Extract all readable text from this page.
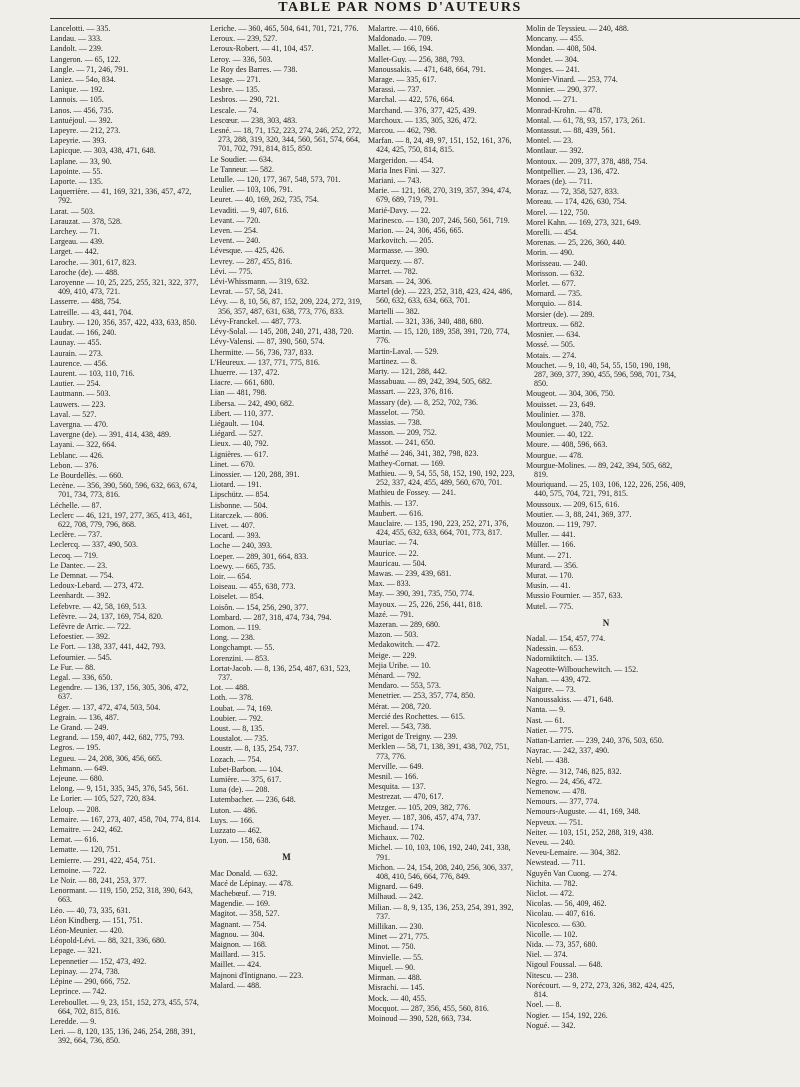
TABLE PAR NOMS D'AUTEURS

Lancelotti. — 335.

Landau. — 333.

Landolt. — 239.

Langeron. — 65, 122.

Langle. — 71, 246, 791.

Laniez. — 54o, 834.

Lanique. — 192.

Lannois. — 105.

Lanos. — 456, 735.

Lantuéjoul. — 392.

Lapeyre. — 212, 273.

Lapeyrie. — 393.

Lapicque. — 303, 438, 471, 648.

Laplane. — 33, 90.

Lapointe. — 55.

Laporte. — 135.

Laquerrière. — 41, 169, 321, 336, 457, 472, 792.

Larat. — 503.

Larauzat. — 378, 528.

Larchey. — 71.

Largeau. — 439.

Larget. — 442.

Laroche. — 301, 617, 823.

Laroche (de). — 488.

Laroyenne — 10, 25, 225, 255, 321, 322, 377, 409, 410, 473, 721.

Lasserre. — 488, 754.

Latreille. — 43, 441, 704.

Laubry. — 120, 356, 357, 422, 433, 633, 850.

Laudat. — 166, 240.

Launay. — 455.

Laurain. — 273.

Laurence. — 456.

Laurent. — 103, 110, 716.

Lautier. — 254.

Lautmann. — 503.

Lauwers. — 223.

Laval. — 527.

Lavergna. — 470.

Lavergne (de). — 391, 414, 438, 489.

Layani. — 322, 664.

Leblanc. — 426.

Lebon. — 376.

Le Bourdellès. — 660.

Lecène. — 356, 390, 560, 596, 632, 663, 674, 701, 734, 773, 816.

Léchelle. — 87.

Leclerc — 46, 121, 197, 277, 365, 413, 461, 622, 708, 779, 796, 868.

Leclère. — 737.

Leclercq. — 337, 490, 503.

Lecoq. — 719.

Le Dantec. — 23.

Le Demnat. — 754.

Ledoux-Lebard. — 273, 472.

Leenhardt. — 392.

Lefebvre. — 42, 58, 169, 513.

Lefèvre. — 24, 137, 169, 754, 820.

Lefèvre de Arric. — 722.

Lefoestier. — 392.

Le Fort. — 138, 337, 441, 442, 793.

Lefournier. — 545.

Le Fur. — 88.

Legal. — 336, 650.

Legendre. — 136, 137, 156, 305, 306, 472, 637.

Léger. — 137, 472, 474, 503, 504.

Legrain. — 136, 487.

Le Grand. — 249.

Legrand. — 159, 407, 442, 682, 775, 793.

Legros. — 195.

Legueu. — 24, 208, 306, 456, 665.

Lehmann. — 649.

Lejeune. — 680.

Lelong. — 9, 151, 335, 345, 376, 545, 561.

Le Lorier. — 105, 527, 720, 834.

Leloup. — 208.

Lemaire. — 167, 273, 407, 458, 704, 774, 814.

Lemaitre. — 242, 462.

Lemat. — 616.

Lematte. — 120, 751.

Lemierre. — 291, 422, 454, 751.

Lemoine. — 722.

Le Noir. — 88, 241, 253, 377.

Lenormant. — 119, 150, 252, 318, 390, 643, 663.

Léo. — 40, 73, 335, 631.

Léon Kindberg. — 151, 751.

Léon-Meunier. — 420.

Léopold-Lévi. — 88, 321, 336, 680.

Lepage. — 321.

Lepennetier — 152, 473, 492.

Lepinay. — 274, 738.

Lépine — 290, 666, 752.

Leprince. — 742.

Lereboullet. — 9, 23, 151, 152, 273, 455, 574, 664, 702, 815, 816.

Leredde. — 9.

Leri. — 8, 120, 135, 136, 246, 254, 288, 391, 392, 664, 736, 850.

Leriche. — 360, 465, 504, 641, 701, 721, 776.

Leroux. — 239, 527.

Leroux-Robert. — 41, 104, 457.

Leroy. — 336, 503.

Le Roy des Barres. — 738.

Lesage. — 271.

Lesbre. — 135.

Lesbros. — 290, 721.

Lescale. — 74.

Lescœur. — 238, 303, 483.

Lesné. — 18, 71, 152, 223, 274, 246, 252, 272, 273, 288, 319, 320, 344, 560, 561, 574, 664, 701, 702, 791, 814, 815, 850.

Le Soudier. — 634.

Le Tanneur. — 582.

Letulle. — 120, 177, 367, 548, 573, 701.

Leulier. — 103, 106, 791.

Leuret. — 40, 169, 262, 735, 754.

Levaditi. — 9, 407, 616.

Levant. — 720.

Leven. — 254.

Levent. — 240.

Lévesque. — 425, 426.

Levrey. — 287, 455, 816.

Lévi. — 775.

Lévi-Whissmann. — 319, 632.

Levrat. — 57, 58, 241.

Lévy. — 8, 10, 56, 87, 152, 209, 224, 272, 319, 356, 357, 487, 631, 638, 773, 776, 833.

Lévy-Franckel. — 487, 773.

Lévy-Solal. — 145, 208, 240, 271, 438, 720.

Lévy-Valensi. — 87, 390, 560, 574.

Lhermitte. — 56, 736, 737, 833.

L'Heureux. — 137, 771, 775, 816.

Lhuerre. — 137, 472.

Liacre. — 661, 680.

Lian — 481, 798.

Libersa. — 242, 490, 682.

Libert. — 110, 377.

Liégault. — 104.

Liégard. — 527.

Lieux. — 40, 792.

Lignières. — 617.

Linet. — 670.

Linossier. — 120, 288, 391.

Liotard. — 191.

Lipschütz. — 854.

Lisbonne. — 504.

Litarczek. — 806.

Livet. — 407.

Locard. — 393.

Loche — 240, 393.

Loeper. — 289, 301, 664, 833.

Loewy. — 665, 735.

Loir. — 654.

Loiseau. — 455, 638, 773.

Loiselet. — 854.

Loisôn. — 154, 256, 290, 377.

Lombard. — 287, 318, 474, 734, 794.

Lomon. — 119.

Long. — 238.

Longchampt. — 55.

Lorenzini. — 853.

Lortat-Jacob. — 8, 136, 254, 487, 631, 523, 737.

Lot. — 488.

Loth. — 378.

Loubat. — 74, 169.

Loubier. — 792.

Loust. — 8, 135.

Loustalot. — 735.

Loustr. — 8, 135, 254, 737.

Lozach. — 754.

Lubet-Barbon. — 104.

Lumière. — 375, 617.

Luna (de). — 208.

Lutembacher. — 236, 648.

Luton. — 486.

Luys. — 166.

Luzzato — 462.

Lyon. — 158, 638.

M

Mac Donald. — 632.

Macé de Lépinay. — 478.

Machebœuf. — 719.

Magendie. — 169.

Magitot. — 358, 527.

Magnant. — 754.

Magnou. — 304.

Maignon. — 168.

Maillard. — 315.

Maillet. — 424.

Majnoni d'Intignano. — 223.

Malard. — 488.

Malartre. — 410, 666.

Maldonado. — 709.

Mallet. — 166, 194.

Mallet-Guy. — 256, 388, 793.

Manoussakis. — 471, 648, 664, 791.

Marage. — 335, 617.

Marassi. — 737.

Marchal. — 422, 576, 664.

Marchand. — 376, 377, 425, 439.

Marchoux. — 135, 305, 326, 472.

Marcou. — 462, 798.

Marfan. — 8, 24, 49, 97, 151, 152, 161, 376, 424, 425, 750, 814, 815.

Margeridon. — 454.

Maria Ines Fini. — 327.

Mariani. — 743.

Marie. — 121, 168, 270, 319, 357, 394, 474, 679, 689, 719, 791.

Marié-Davy. — 22.

Marinesco. — 130, 207, 246, 560, 561, 719.

Marion. — 24, 306, 456, 665.

Markovitch. — 205.

Marmasse. — 390.

Marquezy. — 87.

Marret. — 782.

Marsan. — 24, 306.

Martel (de). — 223, 252, 318, 423, 424, 486, 560, 632, 633, 634, 663, 701.

Martelli — 382.

Martial. — 321, 336, 340, 488, 680.

Martin. — 15, 120, 189, 358, 391, 720, 774, 776.

Martin-Laval. — 529.

Martinez. — 8.

Marty. — 121, 288, 442.

Massabuau. — 89, 242, 394, 505, 682.

Massart. — 223, 376, 816.

Massary (de). — 8, 252, 702, 736.

Masselot. — 750.

Massias. — 738.

Masson. — 209, 752.

Massot. — 241, 650.

Mathé — 246, 341, 382, 798, 823.

Mathey-Cornat. — 169.

Mathieu. — 9, 54, 55, 58, 152, 190, 192, 223, 252, 337, 424, 455, 489, 560, 670, 701.

Mathieu de Fossey. — 241.

Mathis. — 137.

Maubert. — 616.

Mauclaire. — 135, 190, 223, 252, 271, 376, 424, 455, 632, 633, 664, 701, 773, 817.

Mauriac. — 74.

Maurice. — 22.

Mauricau. — 504.

Mawas. — 239, 439, 681.

Max. — 833.

May. — 390, 391, 735, 750, 774.

Mayoux. — 25, 226, 256, 441, 818.

Mazé. — 791.

Mazeran. — 289, 680.

Mazon. — 503.

Medakowitch. — 472.

Meige. — 229.

Mejia Uribe. — 10.

Ménard. — 792.

Mendaro. — 553, 573.

Menetrier. — 253, 357, 774, 850.

Mérat. — 208, 720.

Mercié des Rochettes. — 615.

Merel. — 543, 738.

Merigot de Treigny. — 239.

Merklen — 58, 71, 138, 391, 438, 702, 751, 773, 776.

Merville. — 649.

Mesnil. — 166.

Mesquita. — 137.

Mestrezat. — 470, 617.

Metzger. — 105, 209, 382, 776.

Meyer. — 187, 306, 457, 474, 737.

Michaud. — 174.

Michaux. — 702.

Michel. — 10, 103, 106, 192, 240, 241, 338, 791.

Michon. — 24, 154, 208, 240, 256, 306, 337, 408, 410, 546, 664, 776, 849.

Mignard. — 649.

Milhaud. — 242.

Milian. — 8, 9, 135, 136, 253, 254, 391, 392, 737.

Millikan. — 230.

Minet — 271, 775.

Minot. — 750.

Minvielle. — 55.

Miquel. — 90.

Mirman. — 488.

Misrachi. — 145.

Mock. — 40, 455.

Mocquot. — 287, 356, 455, 560, 816.

Moinoud — 390, 528, 663, 734.

Molin de Teyssieu. — 240, 488.

Moncany. — 455.

Mondan. — 408, 504.

Mondet. — 304.

Monges. — 241.

Monier-Vinard. — 253, 774.

Monnier. — 290, 377.

Monod. — 271.

Monrad-Krohn. — 478.

Montal. — 61, 78, 93, 157, 173, 261.

Montassut. — 88, 439, 561.

Montel. — 23.

Montlaur. — 392.

Montoux. — 209, 377, 378, 488, 754.

Montpellier. — 23, 136, 472.

Moraes (de). — 711.

Moraz. — 72, 358, 527, 833.

Moreau. — 174, 426, 630, 754.

Morel. — 122, 750.

Morel Kahn. — 169, 273, 321, 649.

Morelli. — 454.

Morenas. — 25, 226, 360, 440.

Morin. — 490.

Morisseau. — 240.

Morisson. — 632.

Morlet. — 677.

Mornard. — 735.

Morquio. — 814.

Morsier (de). — 289.

Mortreux. — 682.

Mosnier. — 634.

Mossé. — 505.

Motais. — 274.

Mouchet. — 9, 10, 40, 54, 55, 150, 190, 198, 287, 369, 377, 390, 455, 596, 598, 701, 734, 850.

Mougeot. — 304, 306, 750.

Mouisset. — 23, 649.

Moulinier. — 378.

Moulonguet. — 240, 752.

Mounier. — 40, 122.

Moure. — 408, 596, 663.

Mourgue. — 478.

Mourgue-Molines. — 89, 242, 394, 505, 682, 819.

Mouriquand. — 25, 103, 106, 122, 226, 256, 409, 440, 575, 704, 721, 791, 815.

Moussoux. — 209, 615, 616.

Moutier. — 3, 88, 241, 369, 377.

Mouzon. — 119, 797.

Muller. — 441.

Müller. — 166.

Munt. — 271.

Murard. — 356.

Murat. — 170.

Musin. — 41.

Mussio Fournier. — 357, 633.

Mutel. — 775.

N

Nadal. — 154, 457, 774.

Nadessin. — 653.

Nadorniktitch. — 135.

Nageotte-Wilbouchewitch. — 152.

Nahan. — 439, 472.

Naigure. — 73.

Nanoussakiss. — 471, 648.

Nanta. — 9.

Nast. — 61.

Natier. — 775.

Nattan-Larrier. — 239, 240, 376, 503, 650.

Nayrac. — 242, 337, 490.

Nebl. — 438.

Nègre. — 312, 746, 825, 832.

Negro. — 24, 456, 472.

Nemenow. — 478.

Nemours. — 377, 774.

Nemours-Auguste. — 41, 169, 348.

Nepveux. — 751.

Neiter. — 103, 151, 252, 288, 319, 438.

Neveu. — 240.

Neveu-Lemaire. — 304, 382.

Newstead. — 711.

Nguyên Van Cuong. — 274.

Nichita. — 782.

Niclot. — 472.

Nicolas. — 56, 409, 462.

Nicolau. — 407, 616.

Nicolesco. — 630.

Nicolle. — 102.

Nida. — 73, 357, 680.

Niel. — 374.

Nigoul Foussal. — 648.

Nitescu. — 238.

Norécourt. — 9, 272, 273, 326, 382, 424, 425, 814.

Noel. — 8.

Nogier. — 154, 192, 226.

Nogué. — 342.
